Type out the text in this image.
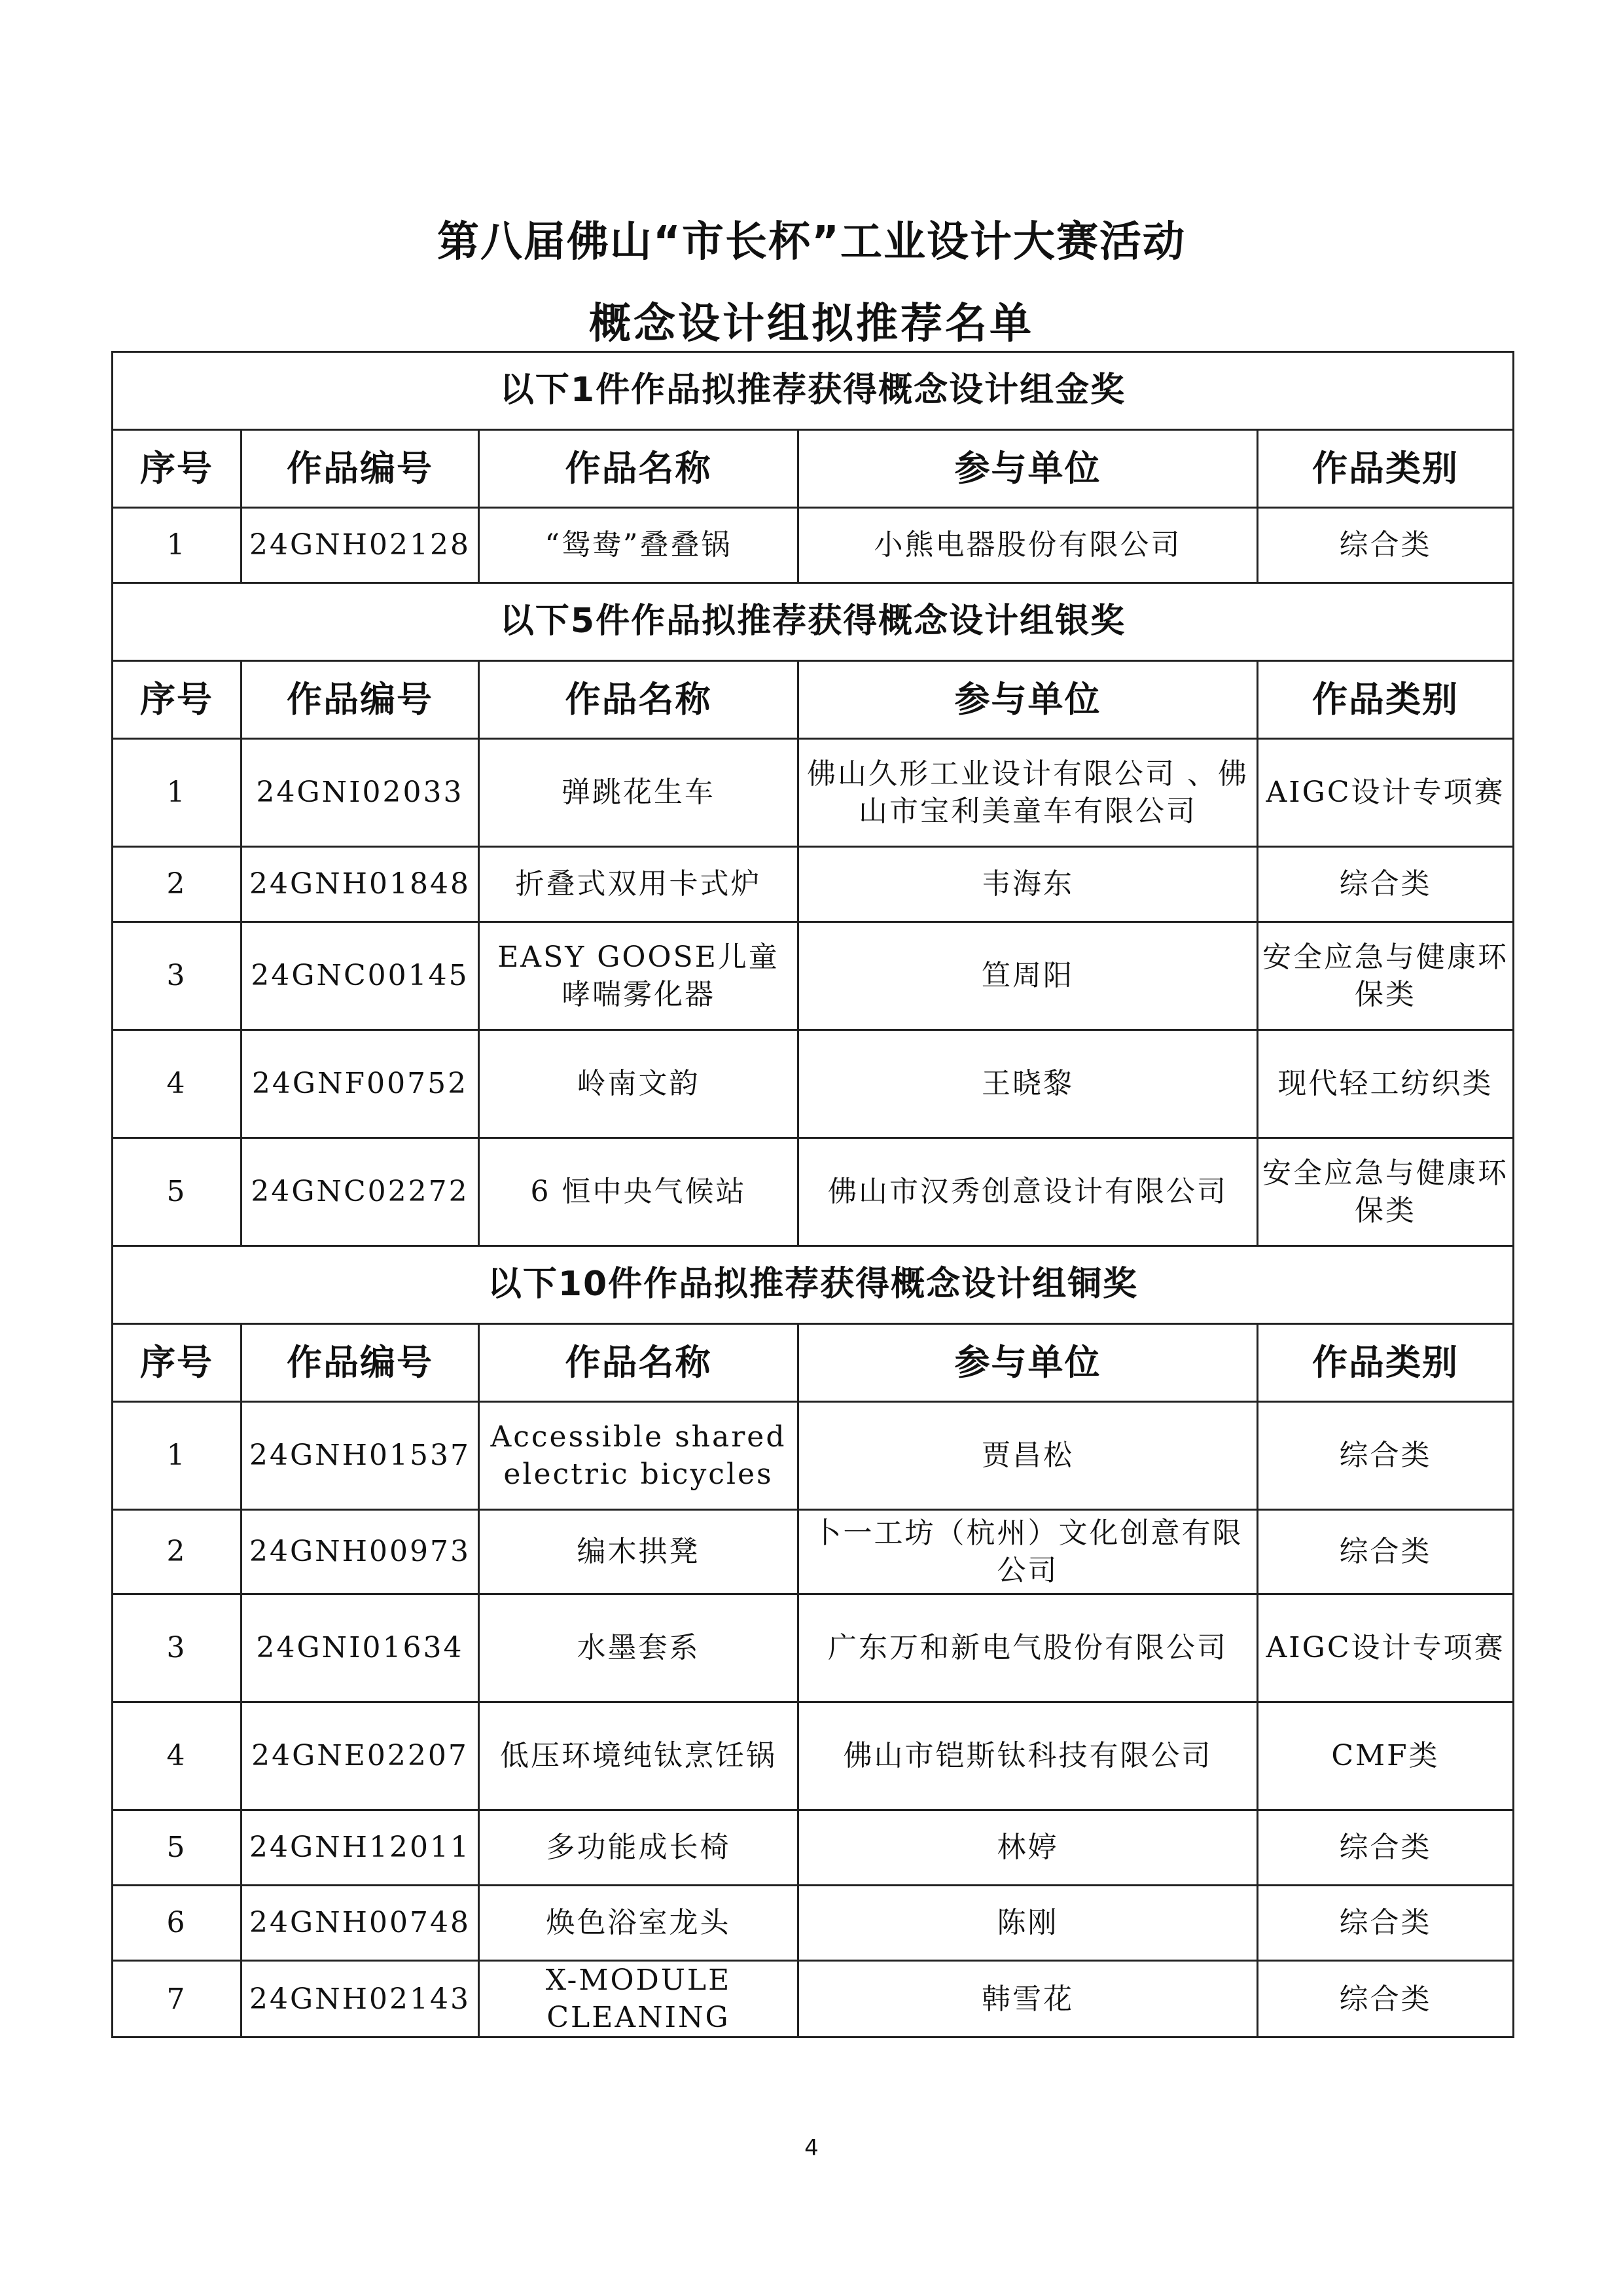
第八届佛山“市长杯”工业设计大赛活动
概念设计组拟推荐名单
以下1件作品拟推荐获得概念设计组金奖				
序号	作品编号	作品名称	参与单位	作品类别
1	24GNH02128	“鸳鸯”叠叠锅	小熊电器股份有限公司	综合类
以下5件作品拟推荐获得概念设计组银奖				
序号	作品编号	作品名称	参与单位	作品类别
1	24GNI02033	弹跳花生车	佛山久形工业设计有限公司 、佛山市宝利美童车有限公司	AIGC设计专项赛
2	24GNH01848	折叠式双用卡式炉	韦海东	综合类
3	24GNC00145	EASY GOOSE儿童哮喘雾化器	笪周阳	安全应急与健康环保类
4	24GNF00752	岭南文韵	王晓黎	现代轻工纺织类
5	24GNC02272	6 恒中央气候站	佛山市汉秀创意设计有限公司	安全应急与健康环保类
以下10件作品拟推荐获得概念设计组铜奖				
序号	作品编号	作品名称	参与单位	作品类别
1	24GNH01537	Accessible shared electric bicycles	贾昌松	综合类
2	24GNH00973	编木拱凳	卜一工坊（杭州）文化创意有限公司	综合类
3	24GNI01634	水墨套系	广东万和新电气股份有限公司	AIGC设计专项赛
4	24GNE02207	低压环境纯钛烹饪锅	佛山市铠斯钛科技有限公司	CMF类
5	24GNH12011	多功能成长椅	林婷	综合类
6	24GNH00748	焕色浴室龙头	陈刚	综合类
7	24GNH02143	X-MODULE CLEANING	韩雪花	综合类
4
